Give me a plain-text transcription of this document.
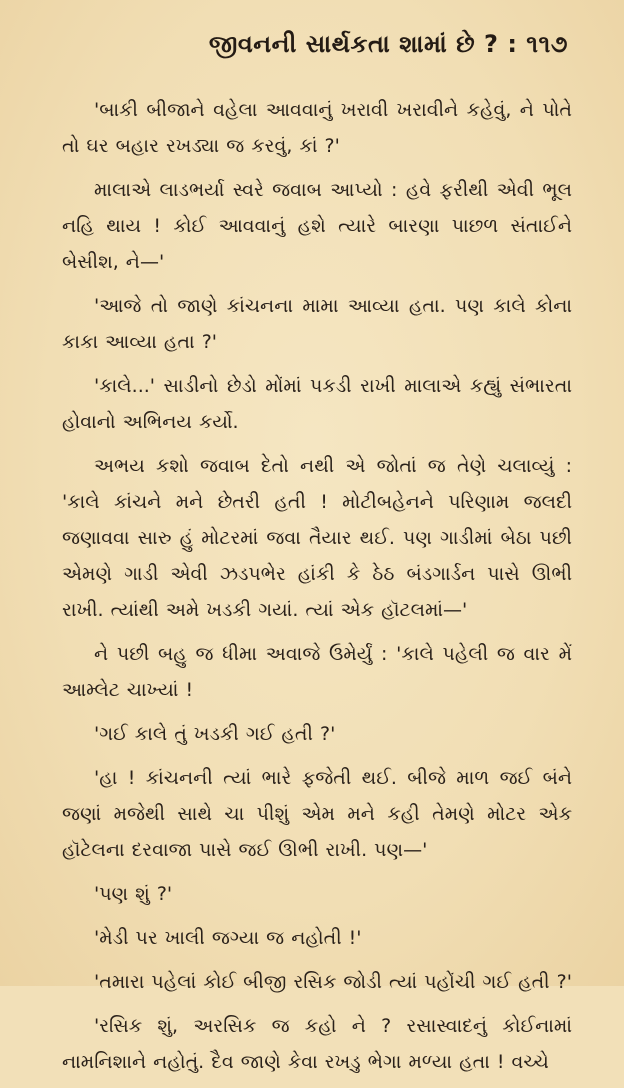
જીવનની સાર્થકતા શામાં છે ? : ૧૧૭

'બાકી બીજાને વહેલા આવવાનું ખરાવી ખરાવીને કહેવું, ને પોતે તો ઘર બહાર રખડ્યા જ કરવું, કાં ?'

માલાએ લાડભર્યા સ્વરે જવાબ આપ્યો : હવે ફરીથી એવી ભૂલ નહિ થાય ! કોઈ આવવાનું હશે ત્યારે બારણા પાછળ સંતાઈને બેસીશ, ને—'

'આજે તો જાણે કાંચનના મામા આવ્યા હતા. પણ કાલે કોના કાકા આવ્યા હતા ?'

'કાલે...' સાડીનો છેડો મોંમાં પકડી રાખી માલાએ કહ્યું સંભારતા હોવાનો અભિનય કર્યો.

અભય કશો જવાબ દેતો નથી એ જોતાં જ તેણે ચલાવ્યું : 'કાલે કાંચને મને છેતરી હતી ! મોટીબહેનને પરિણામ જલદી જણાવવા સારુ હું મોટરમાં જવા તૈયાર થઈ. પણ ગાડીમાં બેઠા પછી એમણે ગાડી એવી ઝડપભેર હાંકી કે ઠેઠ બંડગાર્ડન પાસે ઊભી રાખી. ત્યાંથી અમે ખડકી ગયાં. ત્યાં એક હૉટલમાં—'

ને પછી બહુ જ ધીમા અવાજે ઉમેર્યું : 'કાલે પહેલી જ વાર મેં આમ્લેટ ચાખ્યાં !

'ગઈ કાલે તું ખડકી ગઈ હતી ?'

'હા ! કાંચનની ત્યાં ભારે ફજેતી થઈ. બીજે માળ જઈ બંને જણાં મજેથી સાથે ચા પીશું એમ મને કહી તેમણે મોટર એક હૉટેલના દરવાજા પાસે જઈ ઊભી રાખી. પણ—'

'પણ શું ?'

'મેડી પર ખાલી જગ્યા જ નહોતી !'

'તમારા પહેલાં કોઈ બીજી રસિક જોડી ત્યાં પહોંચી ગઈ હતી ?'

'રસિક શું, અરસિક જ કહો ને ? રસાસ્વાદનું કોઈનામાં નામનિશાને નહોતું. દૈવ જાણે કેવા રખડુ ભેગા મળ્યા હતા ! વચ્ચે
